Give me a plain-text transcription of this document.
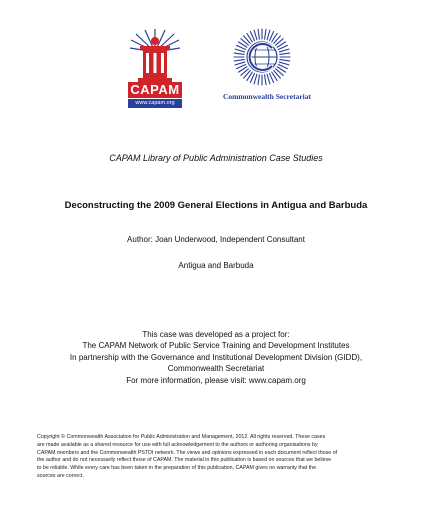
CAPAM
www.capam.org
Commonwealth Secretariat
CAPAM Library of Public Administration Case Studies
Deconstructing the 2009 General Elections in Antigua and Barbuda
Author: Joan Underwood, Independent Consultant
Antigua and Barbuda
This case was developed as a project for:
The CAPAM Network of Public Service Training and Development Institutes
In partnership with the Governance and Institutional Development Division (GIDD),
Commonwealth Secretariat
For more information, please visit: www.capam.org
Copyright © Commonwealth Association for Public Administration and Management, 2012. All rights reserved. These cases
are made available as a shared resource for use with full acknowledgement to the authors or authoring organisations by
CAPAM members and the Commonwealth PSTDI network. The views and opinions expressed in each document reflect those of
the author and do not necessarily reflect those of CAPAM. The material in this publication is based on sources that we believe
to be reliable. While every care has been taken in the preparation of this publication, CAPAM gives no warranty that the
sources are correct.
